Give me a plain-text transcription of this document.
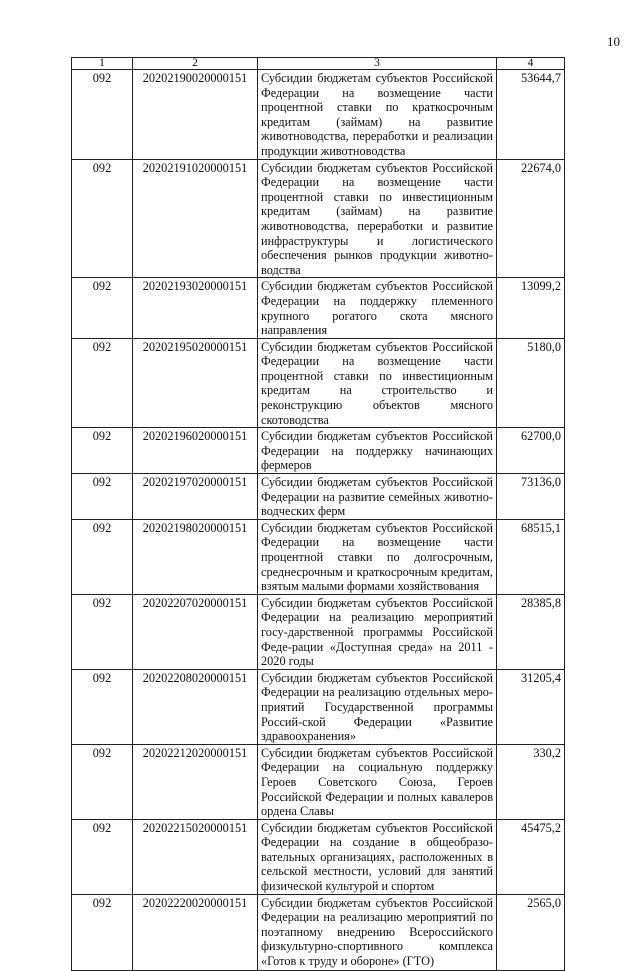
10
1	2	3	4
092	20202190020000151	Субсидии бюджетам субъектов Российской Федерации на возмещение части процентной ставки по краткосрочным кредитам (займам) на развитие животноводства, переработки и реализации продукции животноводства	53644,7
092	20202191020000151	Субсидии бюджетам субъектов Российской Федерации на возмещение части процентной ставки по инвестиционным кредитам (займам) на развитие животноводства, переработки и развитие инфраструктуры и логистического обеспечения рынков продукции животно-водства	22674,0
092	20202193020000151	Субсидии бюджетам субъектов Российской Федерации на поддержку племенного крупного рогатого скота мясного направления	13099,2
092	20202195020000151	Субсидии бюджетам субъектов Российской Федерации на возмещение части процентной ставки по инвестиционным кредитам на строительство и реконструкцию объектов мясного скотоводства	5180,0
092	20202196020000151	Субсидии бюджетам субъектов Российской Федерации на поддержку начинающих фермеров	62700,0
092	20202197020000151	Субсидии бюджетам субъектов Российской Федерации на развитие семейных животно-водческих ферм	73136,0
092	20202198020000151	Субсидии бюджетам субъектов Российской Федерации на возмещение части процентной ставки по долгосрочным, среднесрочным и краткосрочным кредитам, взятым малыми формами хозяйствования	68515,1
092	20202207020000151	Субсидии бюджетам субъектов Российской Федерации на реализацию мероприятий госу-дарственной программы Российской Феде-рации «Доступная среда» на 2011 - 2020 годы	28385,8
092	20202208020000151	Субсидии бюджетам субъектов Российской Федерации на реализацию отдельных меро-приятий Государственной программы Россий-ской Федерации «Развитие здравоохранения»	31205,4
092	20202212020000151	Субсидии бюджетам субъектов Российской Федерации на социальную поддержку Героев Советского Союза, Героев Российской Федерации и полных кавалеров ордена Славы	330,2
092	20202215020000151	Субсидии бюджетам субъектов Российской Федерации на создание в общеобразо-вательных организациях, расположенных в сельской местности, условий для занятий физической культурой и спортом	45475,2
092	20202220020000151	Субсидии бюджетам субъектов Российской Федерации на реализацию мероприятий по поэтапному внедрению Всероссийского физкультурно-спортивного комплекса «Готов к труду и обороне» (ГТО)	2565,0
